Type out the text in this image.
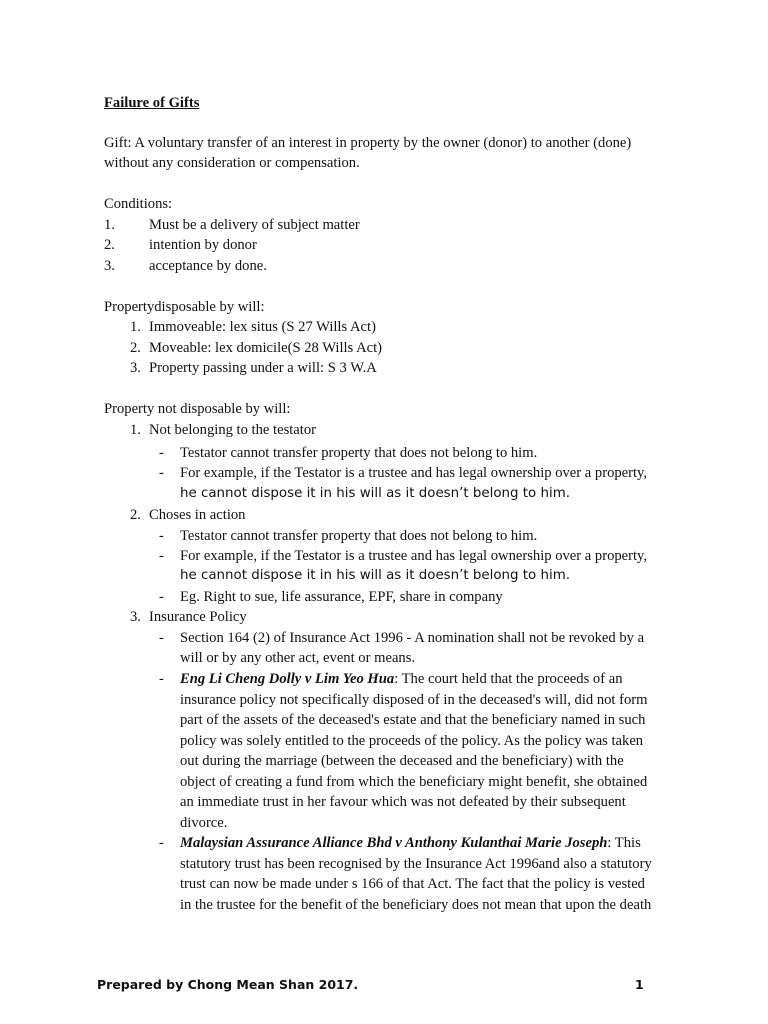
Failure of Gifts
Gift: A voluntary transfer of an interest in property by the owner (donor) to another (done)
without any consideration or compensation.
Conditions:
1. Must be a delivery of subject matter
2. intention by donor
3. acceptance by done.
Propertydisposable by will:
1. Immoveable: lex situs (S 27 Wills Act)
2. Moveable: lex domicile(S 28 Wills Act)
3. Property passing under a will: S 3 W.A
Property not disposable by will:
1. Not belonging to the testator
- Testator cannot transfer property that does not belong to him.
- For example, if the Testator is a trustee and has legal ownership over a property,
he cannot dispose it in his will as it doesn’t belong to him.
2. Choses in action
- Testator cannot transfer property that does not belong to him.
- For example, if the Testator is a trustee and has legal ownership over a property,
he cannot dispose it in his will as it doesn’t belong to him.
- Eg. Right to sue, life assurance, EPF, share in company
3. Insurance Policy
- Section 164 (2) of Insurance Act 1996 - A nomination shall not be revoked by a
will or by any other act, event or means.
- Eng Li Cheng Dolly v Lim Yeo Hua: The court held that the proceeds of an
insurance policy not specifically disposed of in the deceased's will, did not form
part of the assets of the deceased's estate and that the beneficiary named in such
policy was solely entitled to the proceeds of the policy. As the policy was taken
out during the marriage (between the deceased and the beneficiary) with the
object of creating a fund from which the beneficiary might benefit, she obtained
an immediate trust in her favour which was not defeated by their subsequent
divorce.
- Malaysian Assurance Alliance Bhd v Anthony Kulanthai Marie Joseph: This
statutory trust has been recognised by the Insurance Act 1996and also a statutory
trust can now be made under s 166 of that Act. The fact that the policy is vested
in the trustee for the benefit of the beneficiary does not mean that upon the death
Prepared by Chong Mean Shan 2017.	1
